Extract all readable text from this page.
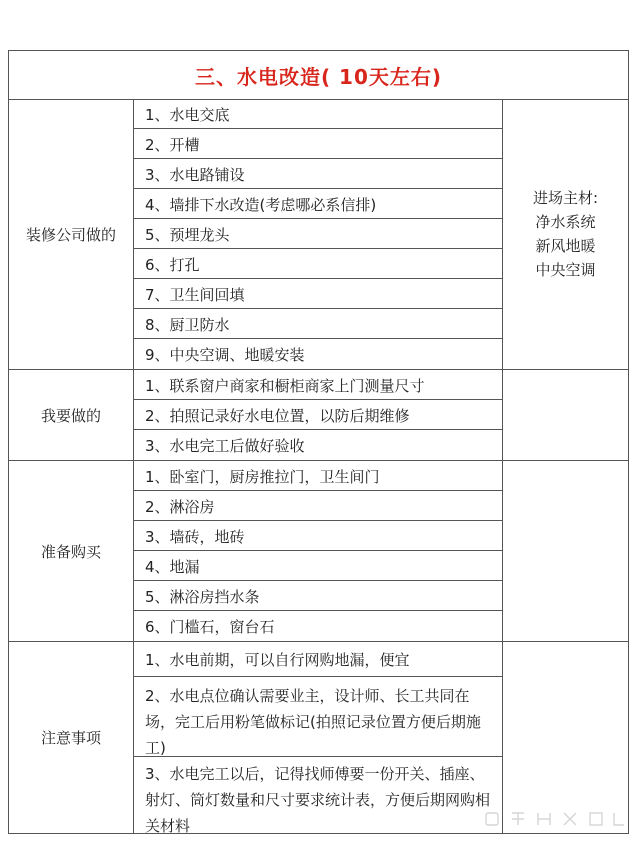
三、水电改造( 10天左右)
装修公司做的
1、水电交底
2、开槽
3、水电路铺设
4、墙排下水改造(考虑哪必系信排)
5、预埋龙头
6、打孔
7、卫生间回填
8、厨卫防水
9、中央空调、地暖安装
进场主材:
净水系统
新风地暖
中央空调
我要做的
1、联系窗户商家和橱柜商家上门测量尺寸
2、拍照记录好水电位置，以防后期维修
3、水电完工后做好验收
准备购买
1、卧室门，厨房推拉门，卫生间门
2、淋浴房
3、墙砖，地砖
4、地漏
5、淋浴房挡水条
6、门槛石，窗台石
注意事项
1、水电前期，可以自行网购地漏，便宜
2、水电点位确认需要业主，设计师、长工共同在场，完工后用粉笔做标记(拍照记录位置方便后期施工)
3、水电完工以后，记得找师傅要一份开关、插座、射灯、筒灯数量和尺寸要求统计表，方便后期网购相关材料
